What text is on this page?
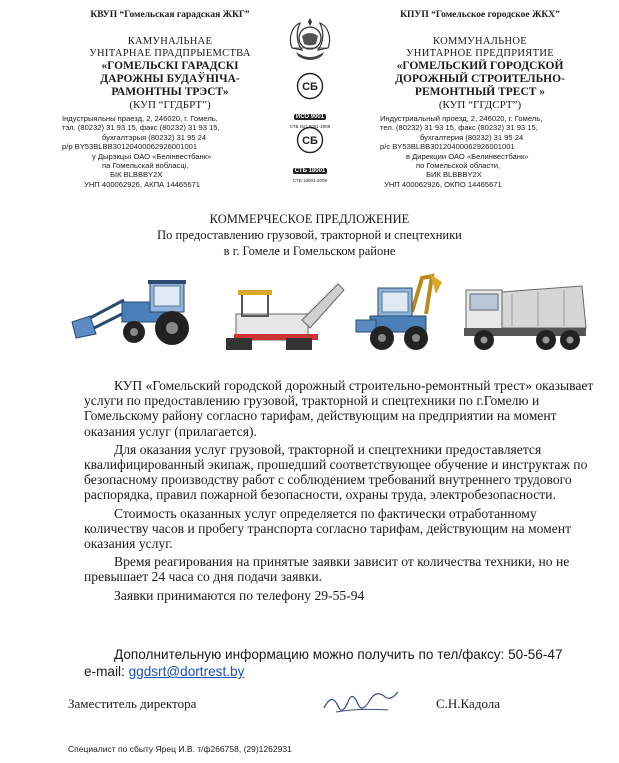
КВУП “Гомельская гарадская ЖКГ”
КАМУНАЛЬНАЕ
УНІТАРНАЕ ПРАДПРЫЕМСТВА
«ГОМЕЛЬСКІ ГАРАДСКІ
ДАРОЖНЫ БУДАЎНІЧА-
РАМОНТНЫ ТРЭСТ»
(КУП “ГГДБРТ”)
Індустрыяльны праезд, 2, 246020, г. Гомель,
тэл. (80232) 31 93 15, факс (80232) 31 93 15,
бухгалтэрыя (80232) 31 95 24
р/р BY53BLBB30120400062926001001
у Дырэкцыі ОАО «Белінвестбанк»
па Гомельскай вобласці,
БІК BLBBBY2X
УНП 400062926, АКПА 14465671
СБ
ИСО 9001
СТБ ISO 9001-2009
СБ
СТБ 18001
СТБ 18001-2009
КПУП “Гомельское городское ЖКХ”
КОММУНАЛЬНОЕ
УНИТАРНОЕ ПРЕДПРИЯТИЕ
«ГОМЕЛЬСКИЙ ГОРОДСКОЙ
ДОРОЖНЫЙ СТРОИТЕЛЬНО-
РЕМОНТНЫЙ ТРЕСТ »
(КУП “ГГДСРТ”)
Индустриальный проезд, 2, 246020, г. Гомель,
тел. (80232) 31 93 15, факс (80232) 31 93 15,
бухгалтерия (80232) 31 95 24
р/с BY53BLBB30120400062926001001
в Дирекции ОАО «Белинвестбанк»
по Гомельской области,
БИК BLBBBY2X
УНП 400062926, ОКПО 14465671
КОММЕРЧЕСКОЕ ПРЕДЛОЖЕНИЕ
По предоставлению грузовой, тракторной и спецтехники
в г. Гомеле и Гомельском районе

КУП «Гомельский городской дорожный строительно-ремонтный трест» оказывает услуги по предоставлению грузовой, тракторной и спецтехники по г.Гомелю и Гомельскому району согласно тарифам, действующим на предприятии на момент оказания услуг (прилагается).

Для оказания услуг грузовой, тракторной и спецтехники предоставляется квалифицированный экипаж, прошедший соответствующее обучение и инструктаж по безопасному производству работ с соблюдением требований внутреннего трудового распорядка, правил пожарной безопасности, охраны труда, электробезопасности.

Стоимость оказанных услуг определяется по фактически отработанному количеству часов и пробегу транспорта согласно тарифам, действующим на момент оказания услуг.

Время реагирования на принятые заявки зависит от количества техники, но не превышает 24 часа со дня подачи заявки.

Заявки принимаются по телефону 29-55-94

Дополнительную информацию можно получить по тел/факсу: 50-56-47
e-mail: ggdsrt@dortrest.by
Заместитель директора	С.Н.Кадола
Специалист по сбыту Ярец И.В. т/ф266758, (29)1262931
